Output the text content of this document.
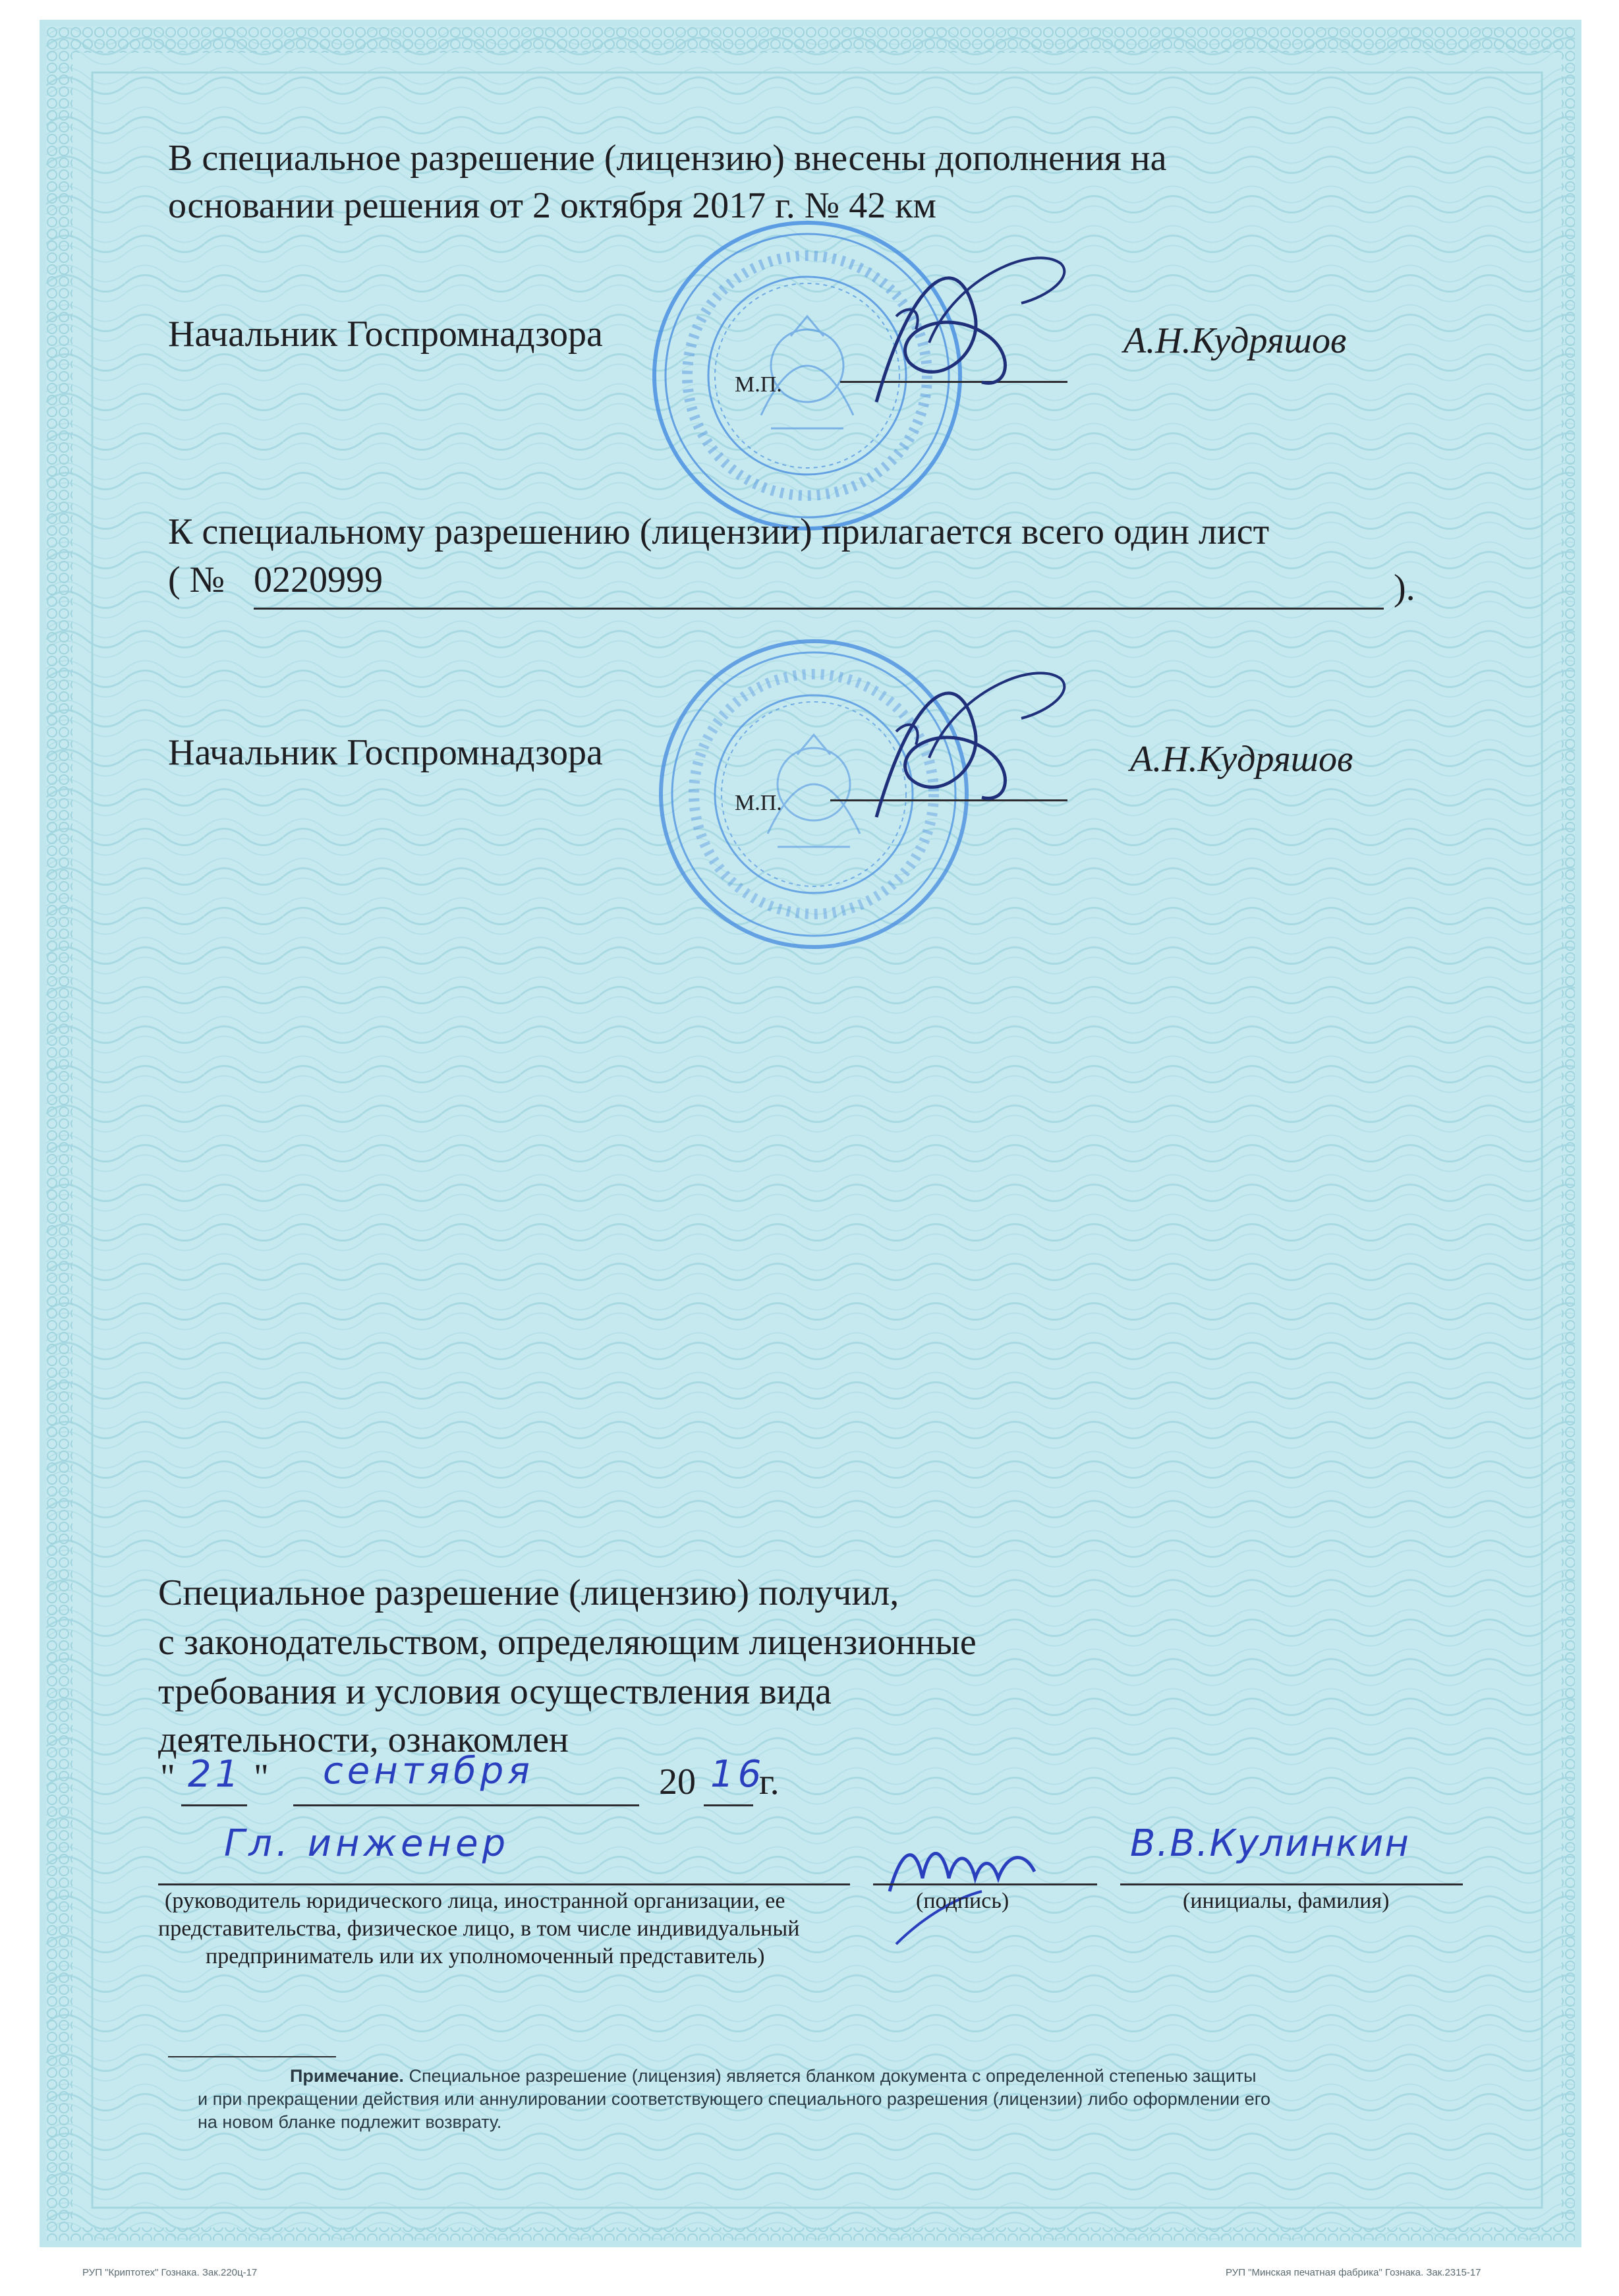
В специальное разрешение (лицензию) внесены дополнения на
основании решения от 2 октября 2017 г. № 42 км
Начальник Госпромнадзора
М.П.
А.Н.Кудряшов
К специальному разрешению (лицензии) прилагается всего один лист
( № 0220999	).
Начальник Госпромнадзора
М.П.
А.Н.Кудряшов
Специальное разрешение (лицензию) получил,
с законодательством, определяющим лицензионные
требования и условия осуществления вида
деятельности, ознакомлен
" 21 " сентября	20 16
г.
Гл. инженер	В.В.Кулинкин
(руководитель юридического лица, иностранной организации, ее
представительства, физическое лицо, в том числе индивидуальный
предприниматель или их уполномоченный представитель)
(подпись)	(инициалы, фамилия)
Примечание. Специальное разрешение (лицензия) является бланком документа с определенной степенью защиты
и при прекращении действия или аннулировании соответствующего специального разрешения (лицензии) либо оформлении его
на новом бланке подлежит возврату.
РУП "Криптотех" Гознака. Зак.220ц-17	РУП "Минская печатная фабрика" Гознака. Зак.2315-17
